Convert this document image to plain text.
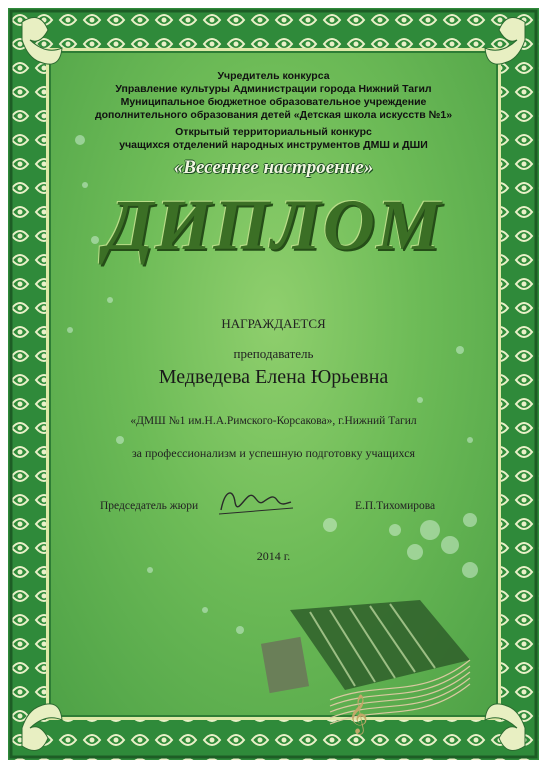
𝄞
Учредитель конкурса
Управление культуры Администрации города Нижний Тагил
Муниципальное бюджетное образовательное учреждение
дополнительного образования детей «Детская школа искусств №1»
Открытый территориальный конкурс
учащихся отделений народных инструментов ДМШ и ДШИ
«Весеннее настроение»
ДИПЛОМ
НАГРАЖДАЕТСЯ
преподаватель
Медведева Елена Юрьевна
«ДМШ №1 им.Н.А.Римского-Корсакова», г.Нижний Тагил
за профессионализм и успешную подготовку учащихся
Председатель жюри	Е.П.Тихомирова
2014 г.
